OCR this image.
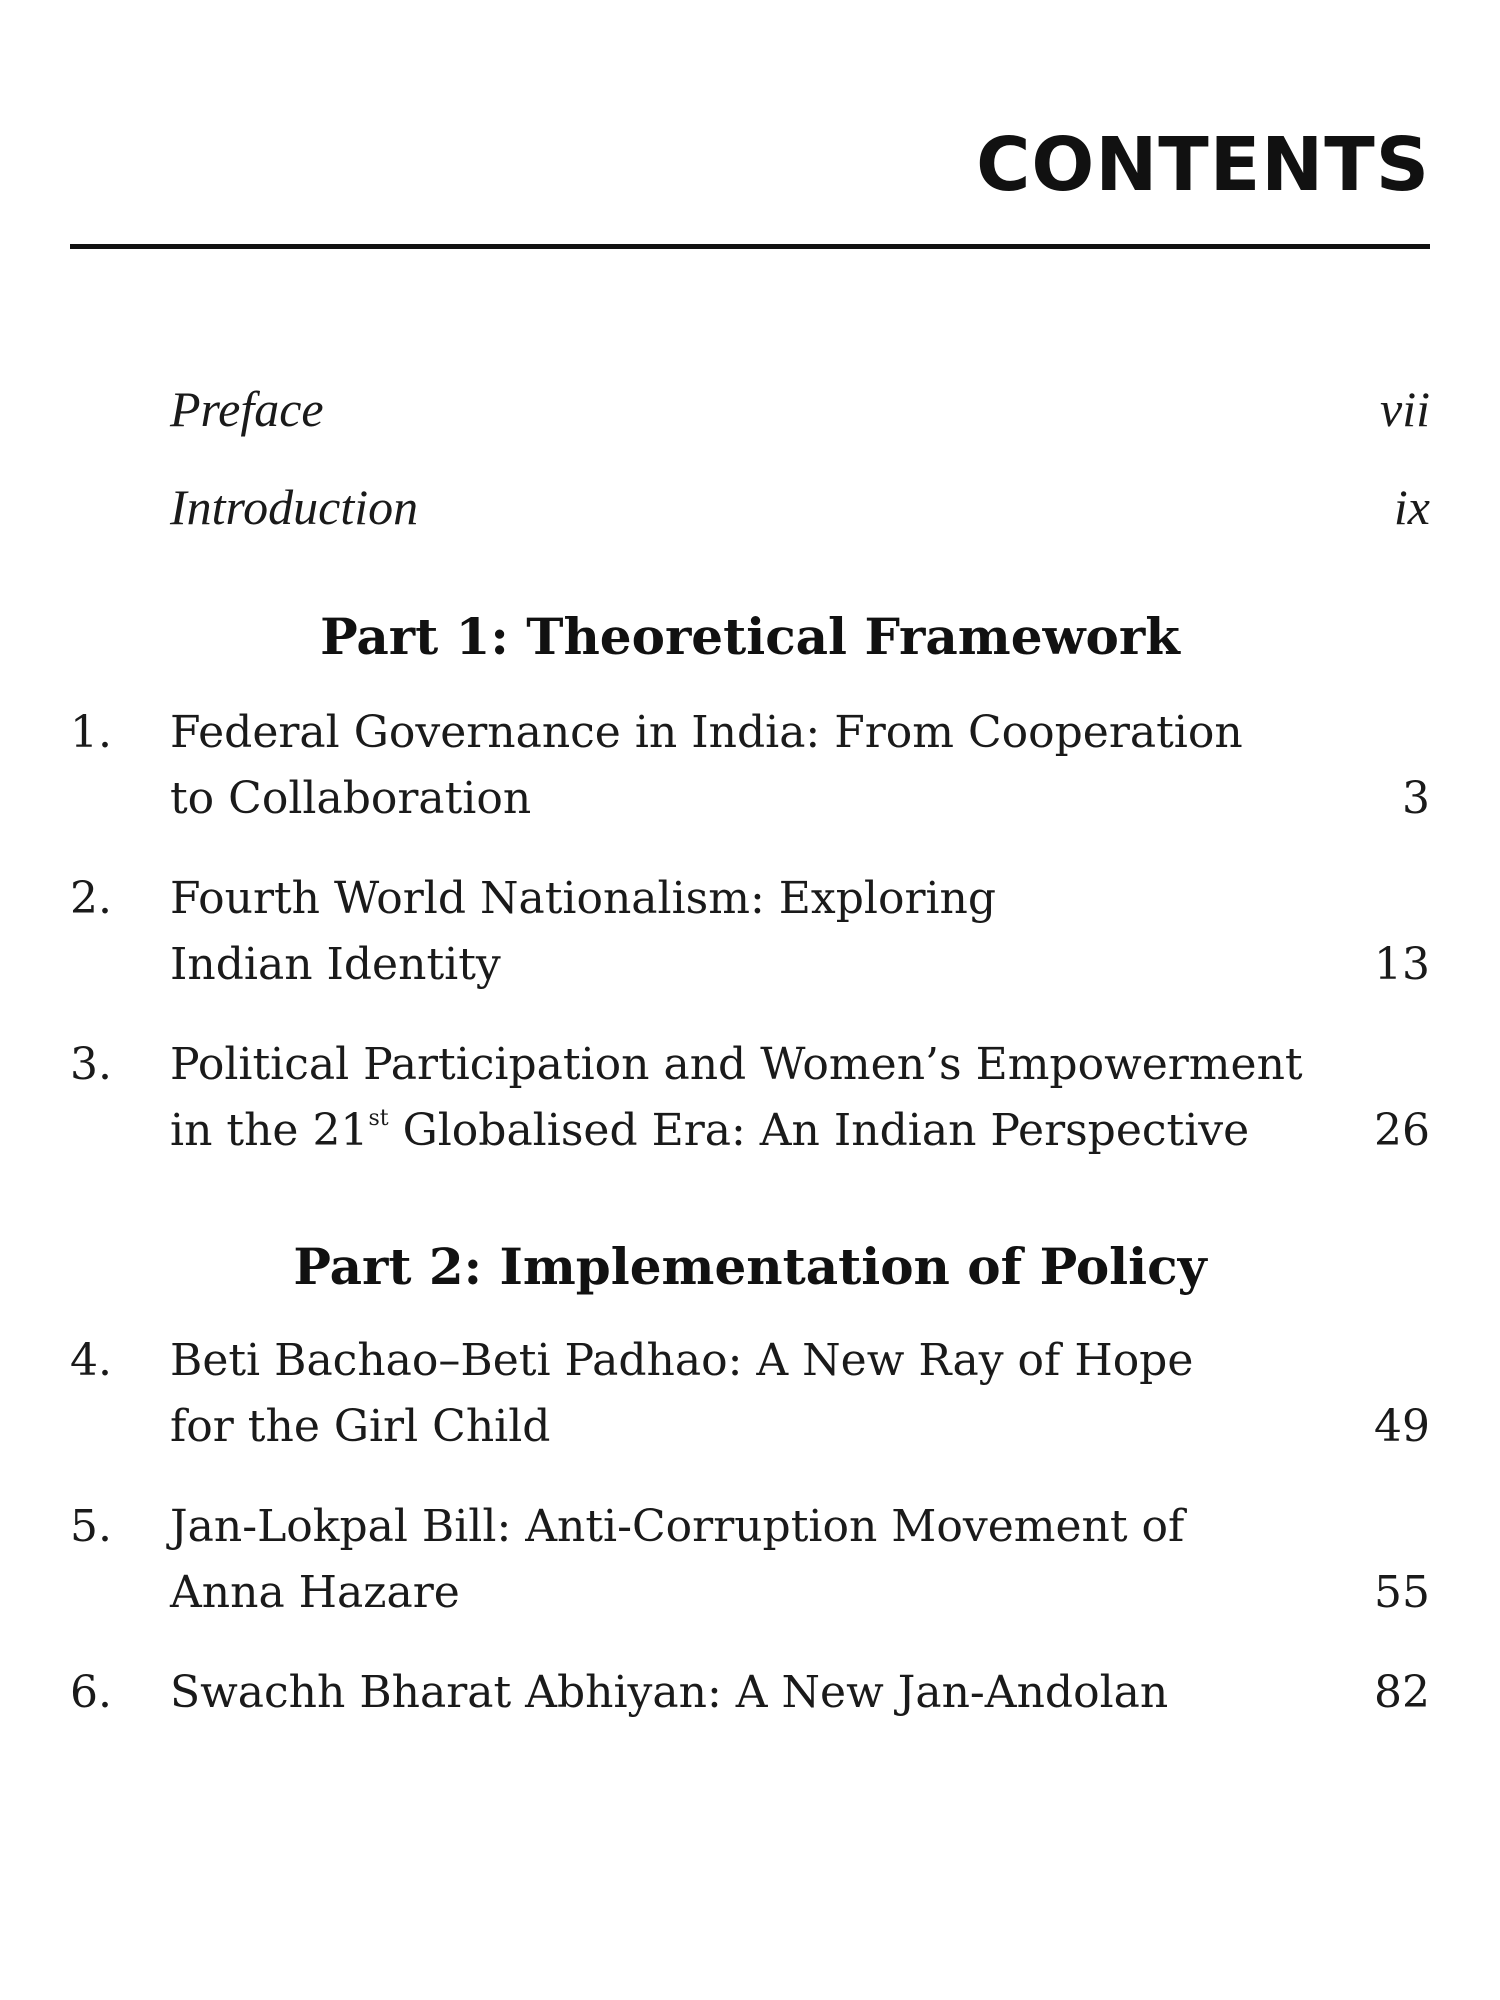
CONTENTS
Preface	vii
Introduction	ix
Part 1: Theoretical Framework
1. Federal Governance in India: From Cooperation
to Collaboration	3
2. Fourth World Nationalism: Exploring
Indian Identity	13
3. Political Participation and Women’s Empowerment
in the 21st Globalised Era: An Indian Perspective	26
Part 2: Implementation of Policy
4. Beti Bachao–Beti Padhao: A New Ray of Hope
for the Girl Child	49
5. Jan-Lokpal Bill: Anti-Corruption Movement of
Anna Hazare	55
6. Swachh Bharat Abhiyan: A New Jan-Andolan	82
